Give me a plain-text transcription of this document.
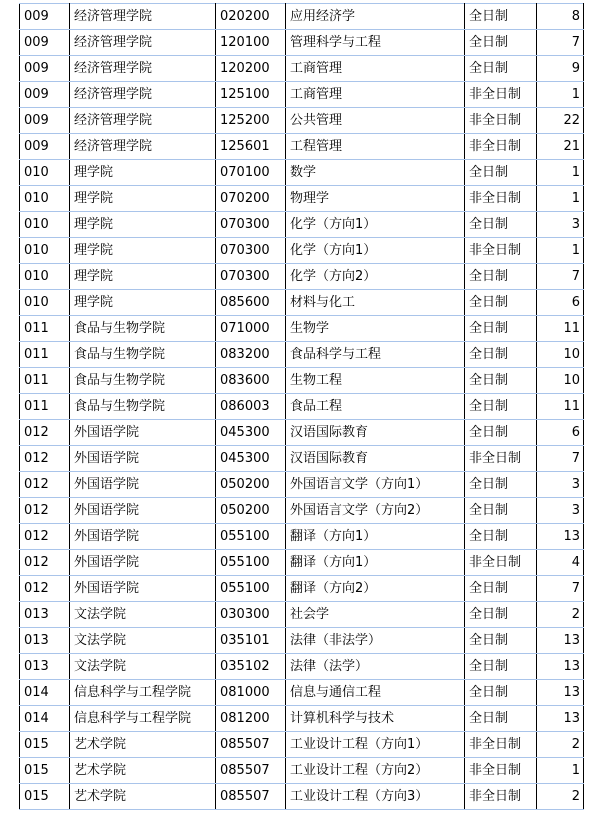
009	经济管理学院	020200	应用经济学	全日制	8
009	经济管理学院	120100	管理科学与工程	全日制	7
009	经济管理学院	120200	工商管理	全日制	9
009	经济管理学院	125100	工商管理	非全日制	1
009	经济管理学院	125200	公共管理	非全日制	22
009	经济管理学院	125601	工程管理	非全日制	21
010	理学院	070100	数学	全日制	1
010	理学院	070200	物理学	非全日制	1
010	理学院	070300	化学（方向1）	全日制	3
010	理学院	070300	化学（方向1）	非全日制	1
010	理学院	070300	化学（方向2）	全日制	7
010	理学院	085600	材料与化工	全日制	6
011	食品与生物学院	071000	生物学	全日制	11
011	食品与生物学院	083200	食品科学与工程	全日制	10
011	食品与生物学院	083600	生物工程	全日制	10
011	食品与生物学院	086003	食品工程	全日制	11
012	外国语学院	045300	汉语国际教育	全日制	6
012	外国语学院	045300	汉语国际教育	非全日制	7
012	外国语学院	050200	外国语言文学（方向1）	全日制	3
012	外国语学院	050200	外国语言文学（方向2）	全日制	3
012	外国语学院	055100	翻译（方向1）	全日制	13
012	外国语学院	055100	翻译（方向1）	非全日制	4
012	外国语学院	055100	翻译（方向2）	全日制	7
013	文法学院	030300	社会学	全日制	2
013	文法学院	035101	法律（非法学）	全日制	13
013	文法学院	035102	法律（法学）	全日制	13
014	信息科学与工程学院	081000	信息与通信工程	全日制	13
014	信息科学与工程学院	081200	计算机科学与技术	全日制	13
015	艺术学院	085507	工业设计工程（方向1）	非全日制	2
015	艺术学院	085507	工业设计工程（方向2）	非全日制	1
015	艺术学院	085507	工业设计工程（方向3）	非全日制	2
